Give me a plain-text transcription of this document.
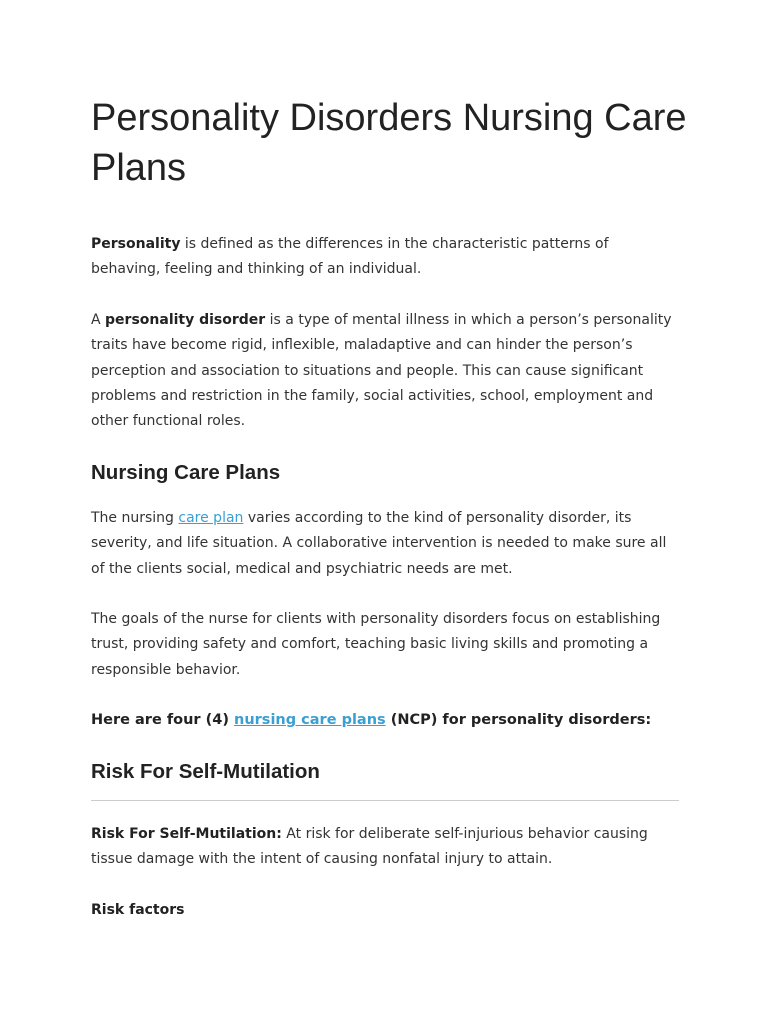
Personality Disorders Nursing Care Plans

Personality is defined as the differences in the characteristic patterns of behaving, feeling and thinking of an individual.

A personality disorder is a type of mental illness in which a person’s personality traits have become rigid, inflexible, maladaptive and can hinder the person’s perception and association to situations and people. This can cause significant problems and restriction in the family, social activities, school, employment and other functional roles.

Nursing Care Plans

The nursing care plan varies according to the kind of personality disorder, its severity, and life situation. A collaborative intervention is needed to make sure all of the clients social, medical and psychiatric needs are met.

The goals of the nurse for clients with personality disorders focus on establishing trust, providing safety and comfort, teaching basic living skills and promoting a responsible behavior.

Here are four (4) nursing care plans (NCP) for personality disorders:

Risk For Self-Mutilation

Risk For Self-Mutilation: At risk for deliberate self-injurious behavior causing tissue damage with the intent of causing nonfatal injury to attain.

Risk factors
